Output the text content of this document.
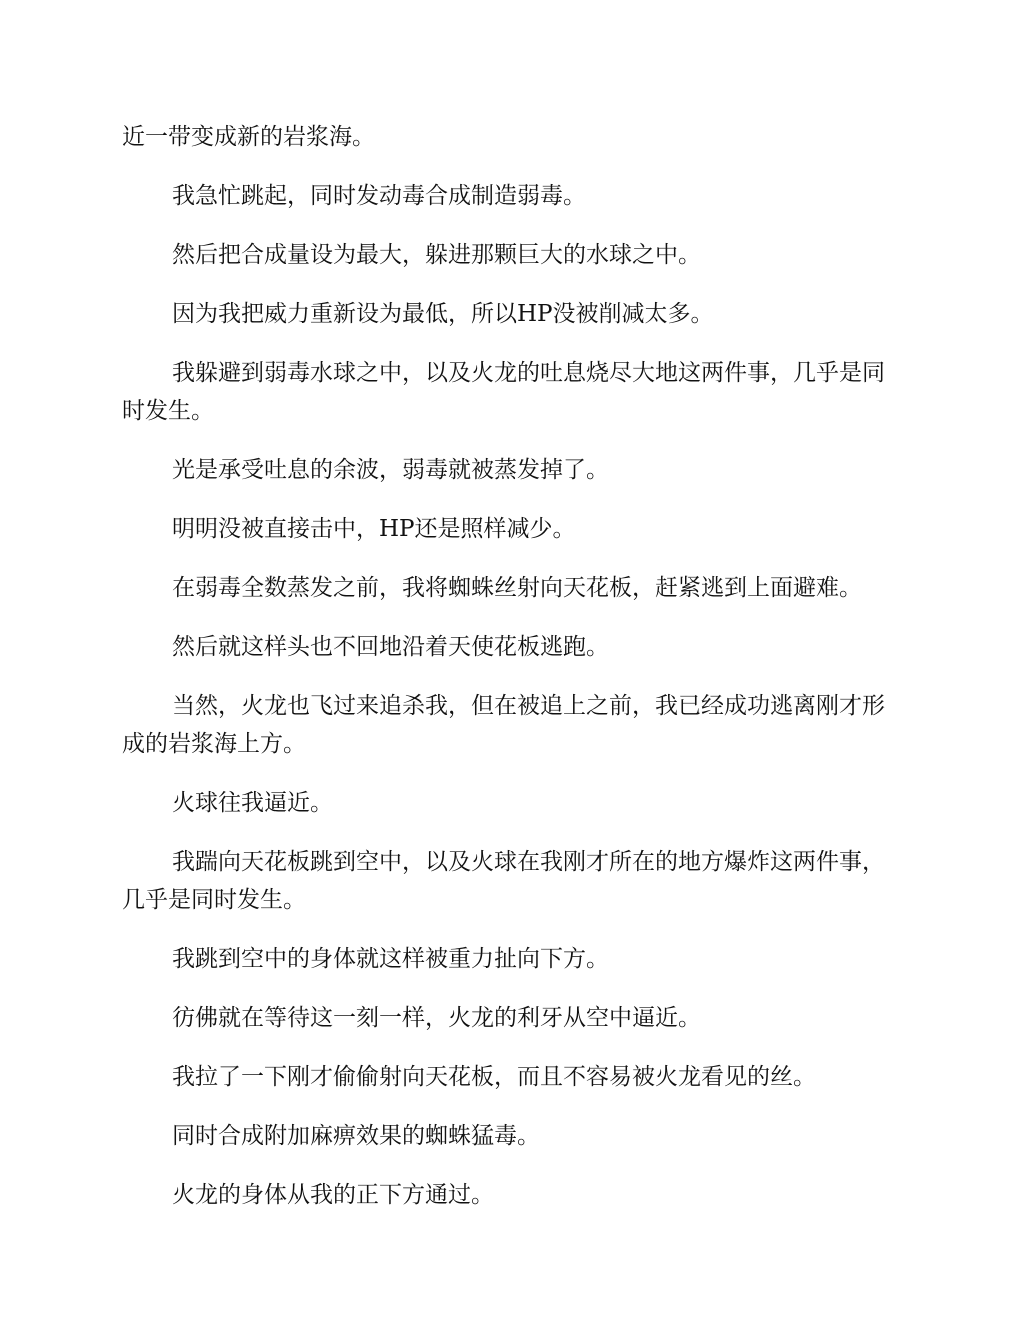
近一带变成新的岩浆海。

我急忙跳起，同时发动毒合成制造弱毒。

然后把合成量设为最大，躲进那颗巨大的水球之中。

因为我把威力重新设为最低，所以HP没被削减太多。

我躲避到弱毒水球之中，以及火龙的吐息烧尽大地这两件事，几乎是同时发生。

光是承受吐息的余波，弱毒就被蒸发掉了。

明明没被直接击中，HP还是照样减少。

在弱毒全数蒸发之前，我将蜘蛛丝射向天花板，赶紧逃到上面避难。

然后就这样头也不回地沿着天使花板逃跑。

当然，火龙也飞过来追杀我，但在被追上之前，我已经成功逃离刚才形成的岩浆海上方。

火球往我逼近。

我踹向天花板跳到空中，以及火球在我刚才所在的地方爆炸这两件事，几乎是同时发生。

我跳到空中的身体就这样被重力扯向下方。

彷佛就在等待这一刻一样，火龙的利牙从空中逼近。

我拉了一下刚才偷偷射向天花板，而且不容易被火龙看见的丝。

同时合成附加麻痹效果的蜘蛛猛毒。

火龙的身体从我的正下方通过。
